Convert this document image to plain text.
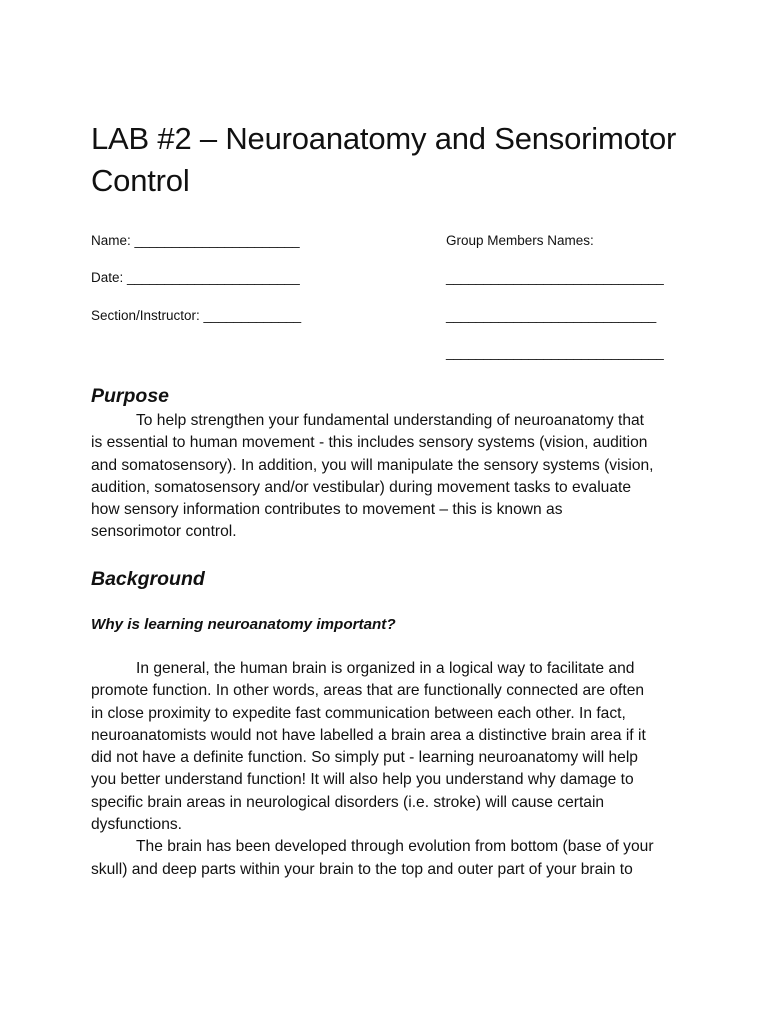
LAB #2 – Neuroanatomy and Sensorimotor
Control
Name: ______________________
Date: _______________________
Section/Instructor: _____________
Group Members Names:
_____________________________
____________________________
_____________________________
Purpose
To help strengthen your fundamental understanding of neuroanatomy that
is essential to human movement - this includes sensory systems (vision, audition
and somatosensory). In addition, you will manipulate the sensory systems (vision,
audition, somatosensory and/or vestibular) during movement tasks to evaluate
how sensory information contributes to movement – this is known as
sensorimotor control.
Background
Why is learning neuroanatomy important?
In general, the human brain is organized in a logical way to facilitate and
promote function. In other words, areas that are functionally connected are often
in close proximity to expedite fast communication between each other. In fact,
neuroanatomists would not have labelled a brain area a distinctive brain area if it
did not have a definite function. So simply put - learning neuroanatomy will help
you better understand function! It will also help you understand why damage to
specific brain areas in neurological disorders (i.e. stroke) will cause certain
dysfunctions.
The brain has been developed through evolution from bottom (base of your
skull) and deep parts within your brain to the top and outer part of your brain to
